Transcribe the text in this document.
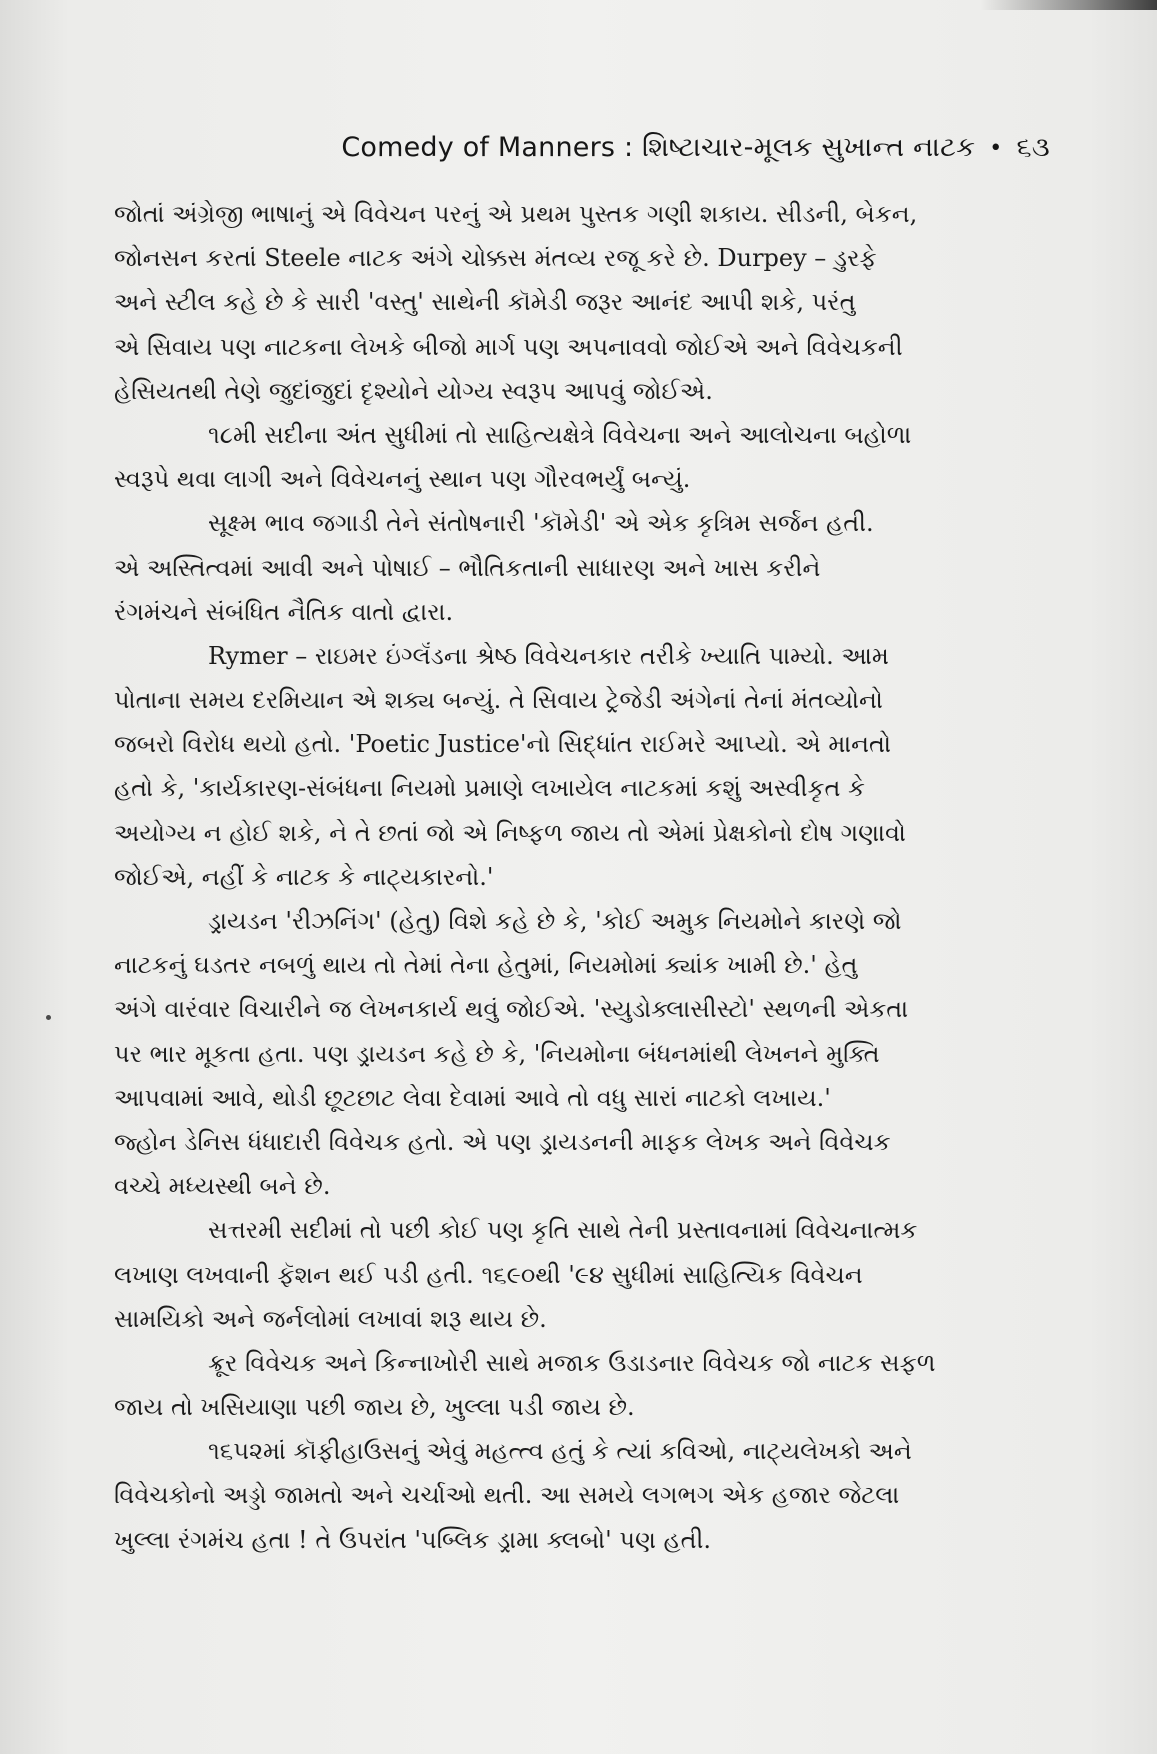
Comedy of Manners : શિષ્ટાચાર-મૂલક સુખાન્ત નાટક • ૬૩
જોતાં અંગ્રેજી ભાષાનું એ વિવેચન પરનું એ પ્રથમ પુસ્તક ગણી શકાય. સીડની, બેકન,
જોનસન કરતાં Steele નાટક અંગે ચોક્કસ મંતવ્ય રજૂ કરે છે. Durpey – ડુરફે
અને સ્ટીલ કહે છે કે સારી 'વસ્તુ' સાથેની કૉમેડી જરૂર આનંદ આપી શકે, પરંતુ
એ સિવાય પણ નાટકના લેખકે બીજો માર્ગ પણ અપનાવવો જોઈએ અને વિવેચકની
હેસિયતથી તેણે જુદાંજુદાં દૃશ્યોને યોગ્ય સ્વરૂપ આપવું જોઈએ.
૧૮મી સદીના અંત સુધીમાં તો સાહિત્યક્ષેત્રે વિવેચના અને આલોચના બહોળા
સ્વરૂપે થવા લાગી અને વિવેચનનું સ્થાન પણ ગૌરવભર્યું બન્યું.
સૂક્ષ્મ ભાવ જગાડી તેને સંતોષનારી 'કૉમેડી' એ એક કૃત્રિમ સર્જન હતી.
એ અસ્તિત્વમાં આવી અને પોષાઈ – ભૌતિકતાની સાધારણ અને ખાસ કરીને
રંગમંચને સંબંધિત નૈતિક વાતો દ્વારા.
Rymer – રાઇમર ઇંગ્લૅંડના શ્રેષ્ઠ વિવેચનકાર તરીકે ખ્યાતિ પામ્યો. આમ
પોતાના સમય દરમિયાન એ શક્ય બન્યું. તે સિવાય ટ્રેજેડી અંગેનાં તેનાં મંતવ્યોનો
જબરો વિરોધ થયો હતો. 'Poetic Justice'નો સિદ્ધાંત રાઈમરે આપ્યો. એ માનતો
હતો કે, 'કાર્યકારણ-સંબંધના નિયમો પ્રમાણે લખાયેલ નાટકમાં કશું અસ્વીકૃત કે
અયોગ્ય ન હોઈ શકે, ને તે છતાં જો એ નિષ્ફળ જાય તો એમાં પ્રેક્ષકોનો દોષ ગણાવો
જોઈએ, નહીં કે નાટક કે નાટ્યકારનો.'
ડ્રાયડન 'રીઝનિંગ' (હેતુ) વિશે કહે છે કે, 'કોઈ અમુક નિયમોને કારણે જો
નાટકનું ઘડતર નબળું થાય તો તેમાં તેના હેતુમાં, નિયમોમાં ક્યાંક ખામી છે.' હેતુ
અંગે વારંવાર વિચારીને જ લેખનકાર્ય થવું જોઈએ. 'સ્યુડોક્લાસીસ્ટો' સ્થળની એકતા
પર ભાર મૂકતા હતા. પણ ડ્રાયડન કહે છે કે, 'નિયમોના બંધનમાંથી લેખનને મુક્તિ
આપવામાં આવે, થોડી છૂટછાટ લેવા દેવામાં આવે તો વધુ સારાં નાટકો લખાય.'
જ્હોન ડેનિસ ધંધાદારી વિવેચક હતો. એ પણ ડ્રાયડનની માફક લેખક અને વિવેચક
વચ્ચે મધ્યસ્થી બને છે.
સત્તરમી સદીમાં તો પછી કોઈ પણ કૃતિ સાથે તેની પ્રસ્તાવનામાં વિવેચનાત્મક
લખાણ લખવાની ફૅશન થઈ પડી હતી. ૧૬૯૦થી '૯૪ સુધીમાં સાહિત્યિક વિવેચન
સામયિકો અને જર્નલોમાં લખાવાં શરૂ થાય છે.
ક્રૂર વિવેચક અને કિન્નાખોરી સાથે મજાક ઉડાડનાર વિવેચક જો નાટક સફળ
જાય તો ખસિયાણા પછી જાય છે, ખુલ્લા પડી જાય છે.
૧૬૫૨માં કૉફીહાઉસનું એવું મહત્ત્વ હતું કે ત્યાં કવિઓ, નાટ્યલેખકો અને
વિવેચકોનો અડ્ડો જામતો અને ચર્ચાઓ થતી. આ સમયે લગભગ એક હજાર જેટલા
ખુલ્લા રંગમંચ હતા ! તે ઉપરાંત 'પબ્લિક ડ્રામા ક્લબો' પણ હતી.
